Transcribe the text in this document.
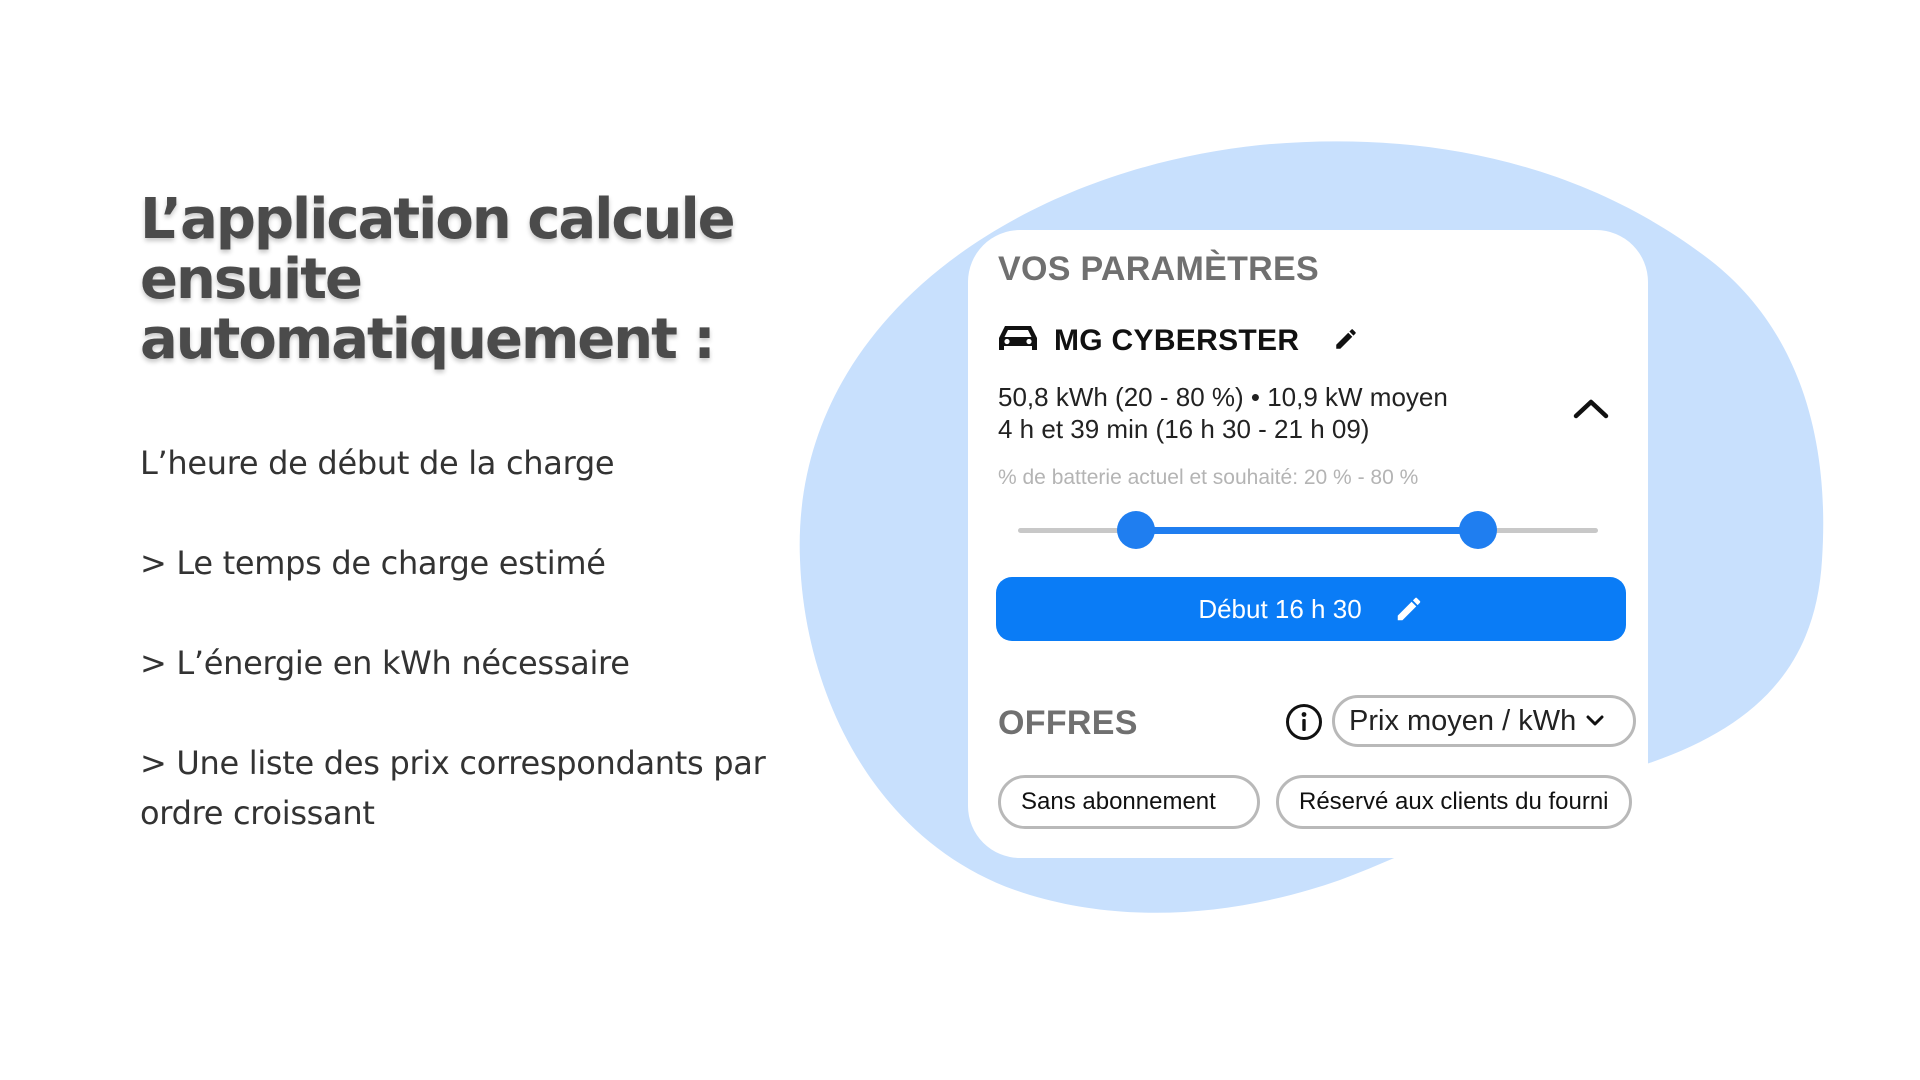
L’application calcule ensuite automatiquement :
L’heure de début de la charge
> Le temps de charge estimé
> L’énergie en kWh nécessaire
> Une liste des prix correspondants par ordre croissant
VOS PARAMÈTRES
MG CYBERSTER
50,8 kWh (20 - 80 %) • 10,9 kW moyen
4 h et 39 min (16 h 30 - 21 h 09)
% de batterie actuel et souhaité: 20 % - 80 %
Début 16 h 30
OFFRES	Prix moyen / kWh
Sans abonnement	Réservé aux clients du fourni
